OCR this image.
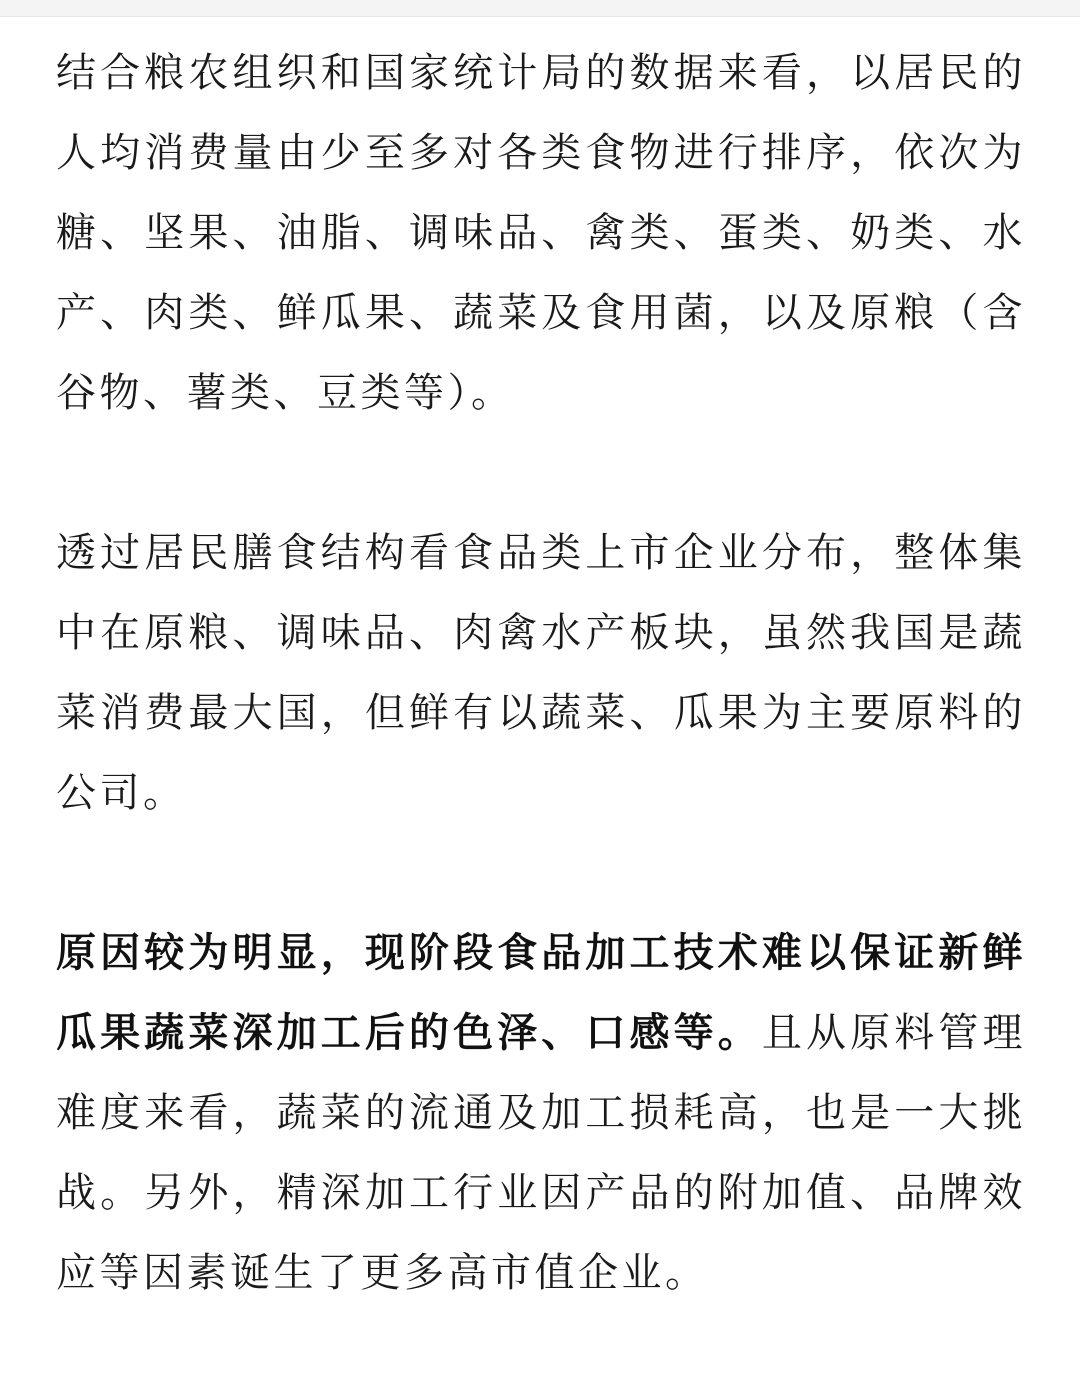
结合粮农组织和国家统计局的数据来看，以居民的人均消费量由少至多对各类食物进行排序，依次为糖、坚果、油脂、调味品、禽类、蛋类、奶类、水产、肉类、鲜瓜果、蔬菜及食用菌，以及原粮（含谷物、薯类、豆类等）。

透过居民膳食结构看食品类上市企业分布，整体集中在原粮、调味品、肉禽水产板块，虽然我国是蔬菜消费最大国，但鲜有以蔬菜、瓜果为主要原料的公司。

原因较为明显，现阶段食品加工技术难以保证新鲜瓜果蔬菜深加工后的色泽、口感等。且从原料管理难度来看，蔬菜的流通及加工损耗高，也是一大挑战。另外，精深加工行业因产品的附加值、品牌效应等因素诞生了更多高市值企业。
